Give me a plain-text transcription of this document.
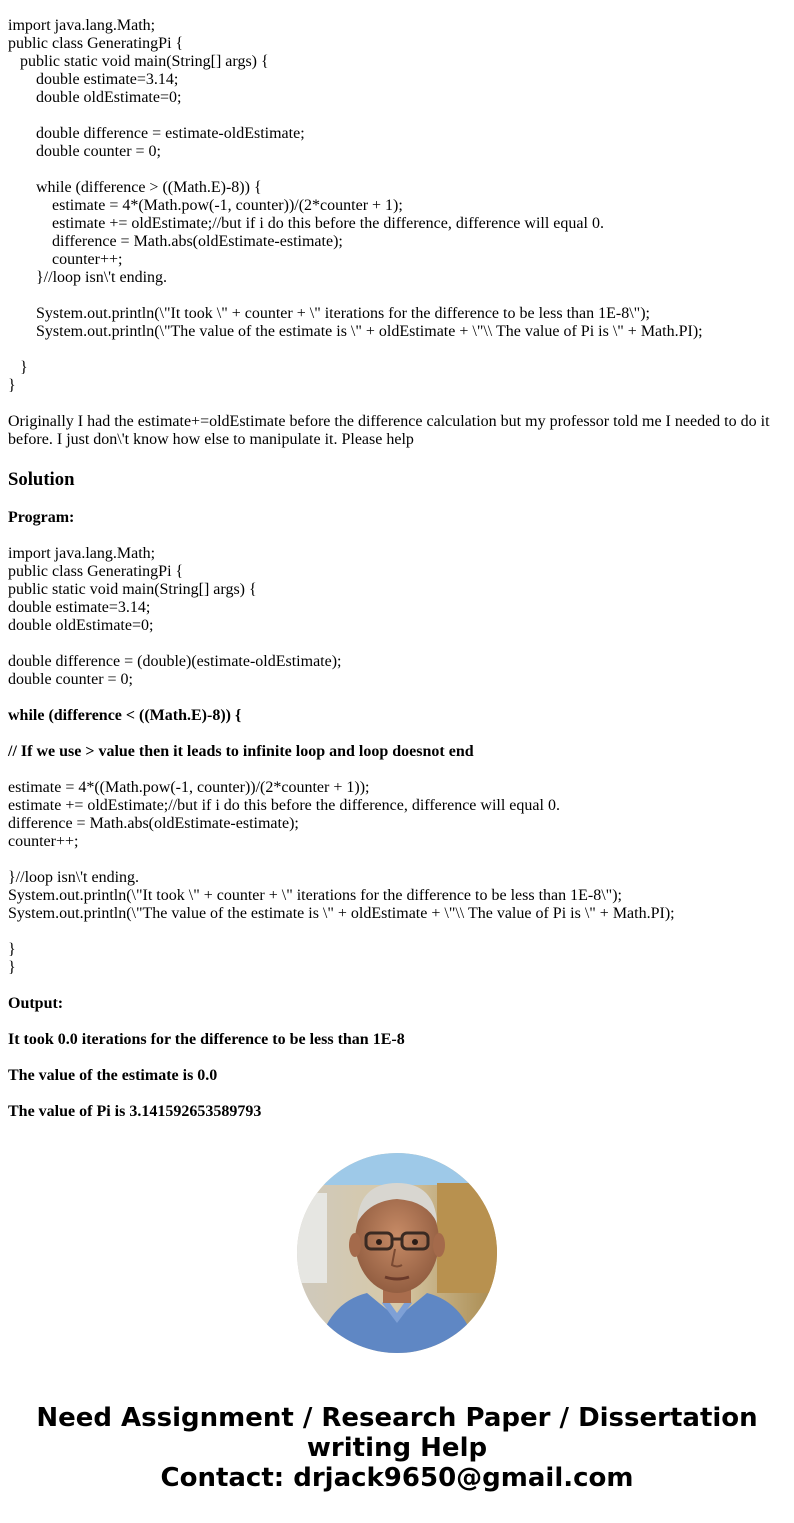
import java.lang.Math;
public class GeneratingPi {
public static void main(String[] args) {
double estimate=3.14;
double oldEstimate=0;
double difference = estimate-oldEstimate;
double counter = 0;
while (difference > ((Math.E)-8)) {
estimate = 4*(Math.pow(-1, counter))/(2*counter + 1);
estimate += oldEstimate;//but if i do this before the difference, difference will equal 0.
difference = Math.abs(oldEstimate-estimate);
counter++;
}//loop isn\'t ending.
System.out.println(\"It took \" + counter + \" iterations for the difference to be less than 1E-8\");
System.out.println(\"The value of the estimate is \" + oldEstimate + \"\\ The value of Pi is \" + Math.PI);
}
}

Originally I had the estimate+=oldEstimate before the difference calculation but my professor told me I needed to do it before. I just don\'t know how else to manipulate it. Please help

Solution
Program:
import java.lang.Math;
public class GeneratingPi {
public static void main(String[] args) {
double estimate=3.14;
double oldEstimate=0;
double difference = (double)(estimate-oldEstimate);
double counter = 0;
while (difference < ((Math.E)-8)) {
// If we use > value then it leads to infinite loop and loop doesnot end
estimate = 4*((Math.pow(-1, counter))/(2*counter + 1));
estimate += oldEstimate;//but if i do this before the difference, difference will equal 0.
difference = Math.abs(oldEstimate-estimate);
counter++;
}//loop isn\'t ending.
System.out.println(\"It took \" + counter + \" iterations for the difference to be less than 1E-8\");
System.out.println(\"The value of the estimate is \" + oldEstimate + \"\\ The value of Pi is \" + Math.PI);
}
}
Output:
It took 0.0 iterations for the difference to be less than 1E-8
The value of the estimate is 0.0
The value of Pi is 3.141592653589793
Need Assignment / Research Paper / Dissertation
writing Help
Contact: drjack9650@gmail.com
